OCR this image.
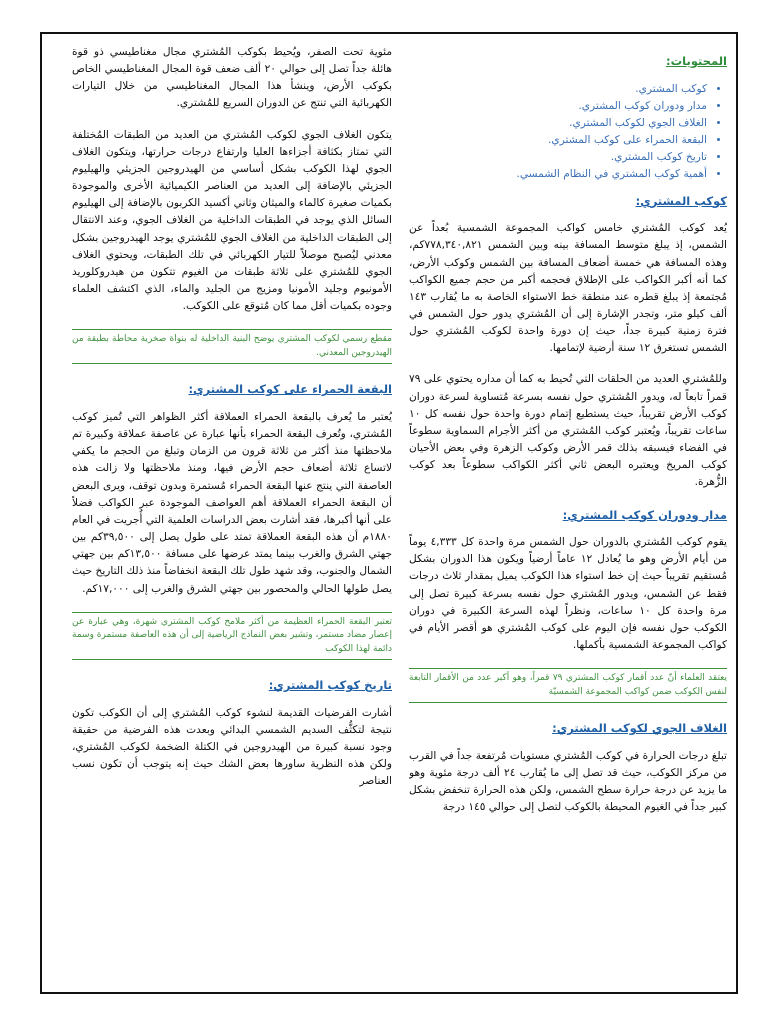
المحتويات:
• كوكب المشتري.
• مدار ودوران كوكب المشتري.
• الغلاف الجوي لكوكب المشتري.
• البقعة الحمراء على كوكب المشتري.
• تاريخ كوكب المشتري.
• أهمية كوكب المشتري في النظام الشمسي.
كوكب المشتري:

يُعد كوكب المُشتري خامس كواكب المجموعة الشمسية بُعداً عن الشمس، إذ يبلغ متوسط المسافة بينه وبين الشمس ٧٧٨,٣٤٠,٨٢١كم، وهذه المسافة هي خمسة أضعاف المسافة بين الشمس وكوكب الأرض، كما أنه أكبر الكواكب على الإطلاق فحجمه أكبر من حجم جميع الكواكب مُجتمعة إذ يبلغ قطره عند منطقة خط الاستواء الخاصة به ما يُقارب ١٤٣ ألف كيلو متر، وتجدر الإشارة إلى أن المُشتري يدور حول الشمس في فترة زمنية كبيرة جداً، حيث إن دورة واحدة لكوكب المُشتري حول الشمس تستغرق ١٢ سنة أرضية لإتمامها.

وللمُشتري العديد من الحلقات التي تُحيط به كما أن مداره يحتوي على ٧٩ قمراً تابعاً له، ويدور المُشتري حول نفسه بسرعة مُتساوية لسرعة دوران كوكب الأرض تقريباً، حيث يستطيع إتمام دورة واحدة حول نفسه كل ١٠ ساعات تقريباً، ويُعتبر كوكب المُشتري من أكثر الأجرام السماوية سطوعاً في الفضاء فيسبقه بذلك قمر الأرض وكوكب الزهرة وفي بعض الأحيان كوكب المريخ ويعتبره البعض ثاني أكثر الكواكب سطوعاً بعد كوكب الزُّهرة.

مدار ودوران كوكب المشتري:

يقوم كوكب المُشتري بالدوران حول الشمس مرة واحدة كل ٤,٣٣٣ يوماً من أيام الأرض وهو ما يُعادل ١٢ عاماً أرضياً ويكون هذا الدوران بشكل مُستقيم تقريباً حيث إن خط استواء هذا الكوكب يميل بمقدار ثلاث درجات فقط عن الشمس، ويدور المُشتري حول نفسه بسرعة كبيرة تصل إلى مرة واحدة كل ١٠ ساعات، ونظراً لهذه السرعة الكبيرة في دوران الكوكب حول نفسه فإن اليوم على كوكب المُشتري هو أقصر الأيام في كواكب المجموعة الشمسية بأكملها.

يعتقد العلماء أنّ عدد أقمار كوكب المشتري ٧٩ قمراً، وهو أكبر عدد من الأقمار التابعة لنفس الكوكب ضمن كواكب المجموعة الشمسيّة
الغلاف الجوي لكوكب المشتري:

تبلغ درجات الحرارة في كوكب المُشتري مستويات مُرتفعة جداً في القرب من مركز الكوكب، حيث قد تصل إلى ما يُقارب ٢٤ ألف درجة مئوية وهو ما يزيد عن درجة حرارة سطح الشمس، ولكن هذه الحرارة تنخفض بشكل كبير جداً في الغيوم المحيطة بالكوكب لتصل إلى حوالي ١٤٥ درجة

مئوية تحت الصفر، ويُحيط بكوكب المُشتري مجال مغناطيسي ذو قوة هائلة جداً تصل إلى حوالي ٢٠ ألف ضعف قوة المجال المغناطيسي الخاص بكوكب الأرض، وينشأ هذا المجال المغناطيسي من خلال التيارات الكهربائية التي تنتج عن الدوران السريع للمُشتري.

يتكون الغلاف الجوي لكوكب المُشتري من العديد من الطبقات المُختلفة التي تمتاز بكثافة أجزاءها العليا وارتفاع درجات حرارتها، ويتكون الغلاف الجوي لهذا الكوكب بشكل أساسي من الهيدروجين الجزيئي والهيليوم الجزيئي بالإضافة إلى العديد من العناصر الكيميائية الأخرى والموجودة بكميات صغيرة كالماء والميثان وثاني أكسيد الكربون بالإضافة إلى الهيليوم السائل الذي يوجد في الطبقات الداخلية من الغلاف الجوي، وعند الانتقال إلى الطبقات الداخلية من الغلاف الجوي للمُشتري يوجد الهيدروجين بشكل معدني ليُصبح موصلاً للتيار الكهربائي في تلك الطبقات، ويحتوي الغلاف الجوي للمُشتري على ثلاثة طبقات من الغيوم تتكون من هيدروكلوريد الأمونيوم وجليد الأمونيا ومزيج من الجليد والماء، الذي اكتشف العلماء وجوده بكميات أقل مما كان مُتوقع على الكوكب.

مقطع رسمي لكوكب المشتري يوضح البنية الداخلية له بنواة صخرية محاطة بطبقة من الهيدروجين المعدني.
البقعة الحمراء على كوكب المشتري:

يُعتبر ما يُعرف بالبقعة الحمراء العملاقة أكثر الظواهر التي تُميز كوكب المُشتري، وتُعرف البقعة الحمراء بأنها عبارة عن عاصفة عملاقة وكبيرة تم ملاحظتها منذ أكثر من ثلاثة قرون من الزمان وتبلغ من الحجم ما يكفي لاتساع ثلاثة أضعاف حجم الأرض فيها، ومنذ ملاحظتها ولا زالت هذه العاصفة التي ينتج عنها البقعة الحمراء مُستمرة وبدون توقف، ويرى البعض أن البقعة الحمراء العملاقة أهم العواصف الموجودة عبر الكواكب فضلاً على أنها أكبرها، فقد أشارت بعض الدراسات العلمية التي أُجريت في العام ١٨٨٠م أن هذه البقعة العملاقة تمتد على طول يصل إلى ٣٩,٥٠٠كم بين جهتي الشرق والغرب بينما يمتد عرضها على مسافة ١٣,٥٠٠كم بين جهتي الشمال والجنوب، وقد شهد طول تلك البقعة انخفاضاً منذ ذلك التاريخ حيث يصل طولها الحالي والمحصور بين جهتي الشرق والغرب إلى ١٧,٠٠٠كم.

تعتبر البقعة الحمراء العظيمة من أكثر ملامح كوكب المشتري شهرة، وهي عبارة عن إعصار مضاد مستمر، وتشير بعض النماذج الرياضية إلى أن هذه العاصفة مستمرة وسمة دائمة لهذا الكوكب
تاريخ كوكب المشتري:

أشارت الفرضيات القديمة لنشوء كوكب المُشتري إلى أن الكوكب تكون نتيجة لتكثُّف السديم الشمسي البدائي وبعدت هذه الفرضية من حقيقة وجود نسبة كبيرة من الهيدروجين في الكتلة الضخمة لكوكب المُشتري، ولكن هذه النظرية ساورها بعض الشك حيث إنه يتوجب أن تكون نسب العناصر
